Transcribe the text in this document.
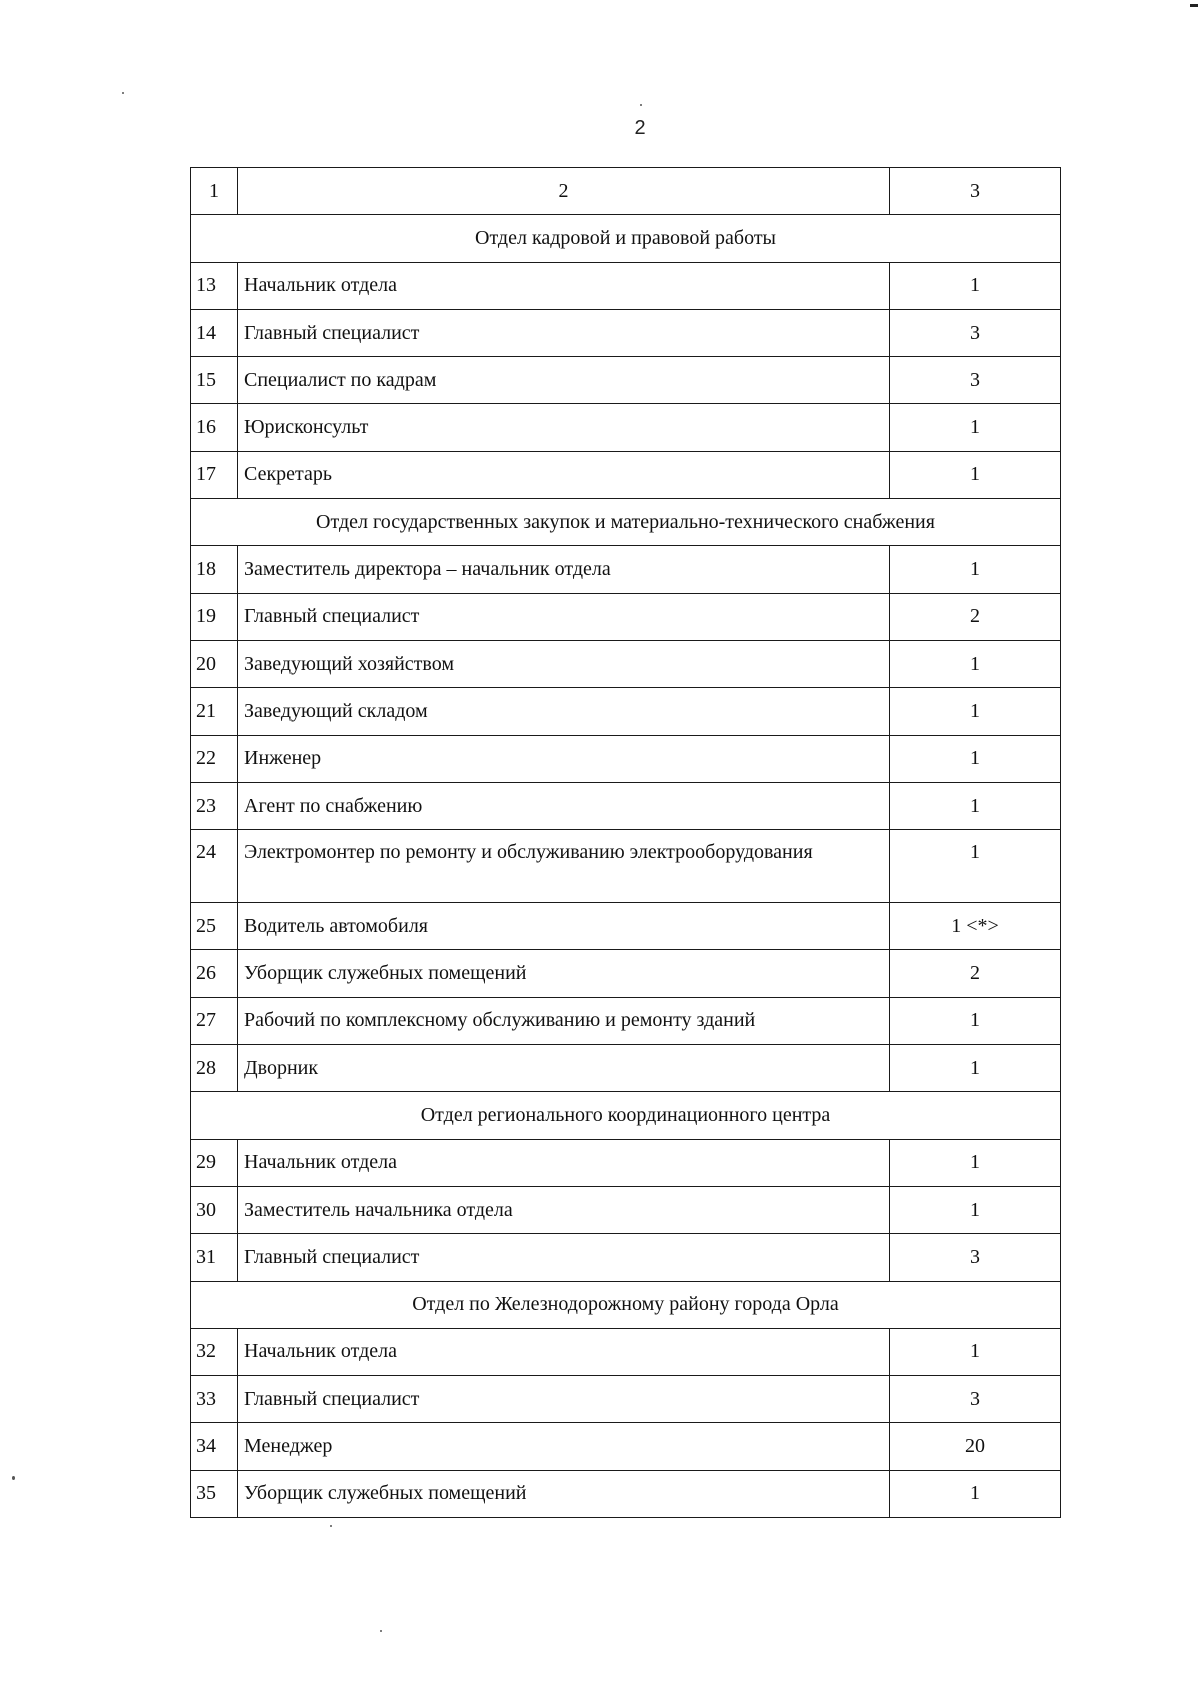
2
1	2	3
Отдел кадровой и правовой работы		
13	Начальник отдела	1
14	Главный специалист	3
15	Специалист по кадрам	3
16	Юрисконсульт	1
17	Секретарь	1
Отдел государственных закупок и материально-технического снабжения		
18	Заместитель директора – начальник отдела	1
19	Главный специалист	2
20	Заведующий хозяйством	1
21	Заведующий складом	1
22	Инженер	1
23	Агент по снабжению	1
24	Электромонтер по ремонту и обслуживанию электрооборудования	1
25	Водитель автомобиля	1 <*>
26	Уборщик служебных помещений	2
27	Рабочий по комплексному обслуживанию и ремонту зданий	1
28	Дворник	1
Отдел регионального координационного центра		
29	Начальник отдела	1
30	Заместитель начальника отдела	1
31	Главный специалист	3
Отдел по Железнодорожному району города Орла		
32	Начальник отдела	1
33	Главный специалист	3
34	Менеджер	20
35	Уборщик служебных помещений	1
